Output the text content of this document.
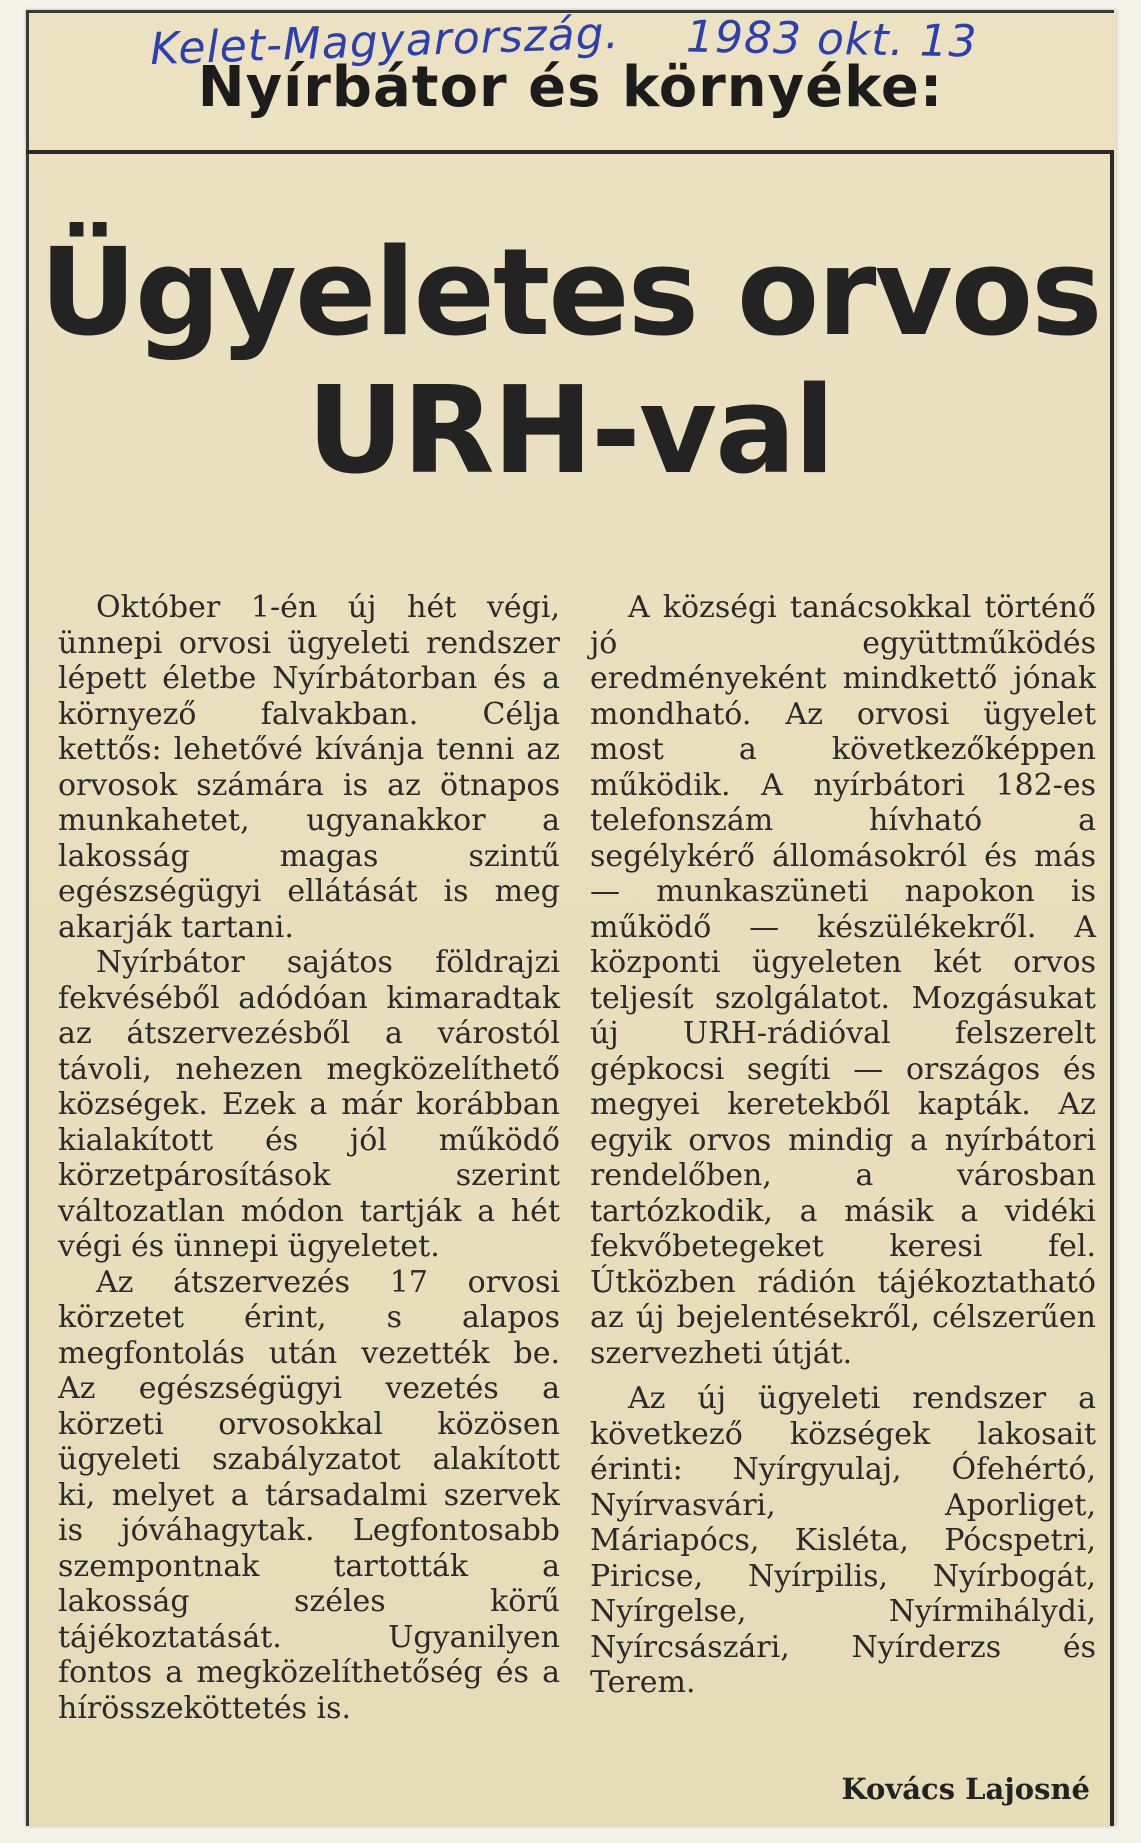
Kelet-Magyarország. 1983 okt. 13
Nyírbátor és környéke:
Ügyeletes orvos
URH-val

Október 1-én új hét végi, ünnepi orvosi ügyeleti rendszer lépett életbe Nyírbátorban és a környező falvakban. Célja kettős: lehetővé kívánja tenni az orvosok számára is az ötnapos munkahetet, ugyanakkor a lakosság magas szintű egészségügyi ellátását is meg akarják tartani.

Nyírbátor sajátos földrajzi fekvéséből adódóan kimaradtak az átszervezésből a várostól távoli, nehezen megközelíthető községek. Ezek a már korábban kialakított és jól működő körzetpárosítások szerint változatlan módon tartják a hét végi és ünnepi ügyeletet.

Az átszervezés 17 orvosi körzetet érint, s alapos megfontolás után vezették be. Az egészségügyi vezetés a körzeti orvosokkal közösen ügyeleti szabályzatot alakított ki, melyet a társadalmi szervek is jóváhagytak. Legfontosabb szempontnak tartották a lakosság széles körű tájékoztatását. Ugyanilyen fontos a megközelíthetőség és a hírösszeköttetés is.

A községi tanácsokkal történő jó együttműködés eredményeként mindkettő jónak mondható. Az orvosi ügyelet most a következőképpen működik. A nyírbátori 182-es telefonszám hívható a segélykérő állomásokról és más — munkaszüneti napokon is működő — készülékekről. A központi ügyeleten két orvos teljesít szolgálatot. Mozgásukat új URH-rádióval felszerelt gépkocsi segíti — országos és megyei keretekből kapták. Az egyik orvos mindig a nyírbátori rendelőben, a városban tartózkodik, a másik a vidéki fekvőbetegeket keresi fel. Útközben rádión tájékoztatható az új bejelentésekről, célszerűen szervezheti útját.

Az új ügyeleti rendszer a következő községek lakosait érinti: Nyírgyulaj, Ófehértó, Nyírvasvári, Aporliget, Máriapócs, Kisléta, Pócspetri, Piricse, Nyírpilis, Nyírbogát, Nyírgelse, Nyírmihálydi, Nyírcsászári, Nyírderzs és Terem.

Kovács Lajosné
